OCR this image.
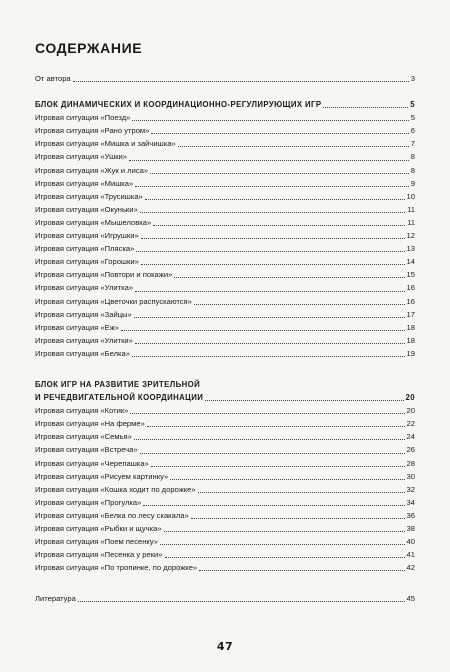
СОДЕРЖАНИЕ
От автора	3
БЛОК ДИНАМИЧЕСКИХ И КООРДИНАЦИОННО-РЕГУЛИРУЮЩИХ ИГР	5
Игровая ситуация «Поезд»	5
Игровая ситуация «Рано утром»	6
Игровая ситуация «Мишка и зайчишка»	7
Игровая ситуация «Ушки»	8
Игровая ситуация «Жук и лиса»	8
Игровая ситуация «Мишка»	9
Игровая ситуация «Трусишка»	10
Игровая ситуация «Окуньки»	11
Игровая ситуация «Мышеловка»	11
Игровая ситуация «Игрушки»	12
Игровая ситуация «Пляска»	13
Игровая ситуация «Горошки»	14
Игровая ситуация «Повтори и покажи»	15
Игровая ситуация «Улитка»	16
Игровая ситуация «Цветочки распускаются»	16
Игровая ситуация «Зайцы»	17
Игровая ситуация «Еж»	18
Игровая ситуация «Улитки»	18
Игровая ситуация «Белка»	19
БЛОК ИГР НА РАЗВИТИЕ ЗРИТЕЛЬНОЙ
И РЕЧЕДВИГАТЕЛЬНОЙ КООРДИНАЦИИ	20
Игровая ситуация «Котик»	20
Игровая ситуация «На ферме»	22
Игровая ситуация «Семья»	24
Игровая ситуация «Встреча»	26
Игровая ситуация «Черепашка»	28
Игровая ситуация «Рисуем картинку»	30
Игровая ситуация «Кошка ходит по дорожке»	32
Игровая ситуация «Прогулка»	34
Игровая ситуация «Белка по лесу скакала»	36
Игровая ситуация «Рыбки и щучка»	38
Игровая ситуация «Поем песенку»	40
Игровая ситуация «Песенка у реки»	41
Игровая ситуация «По тропинке, по дорожке»	42
Литература	45
47
